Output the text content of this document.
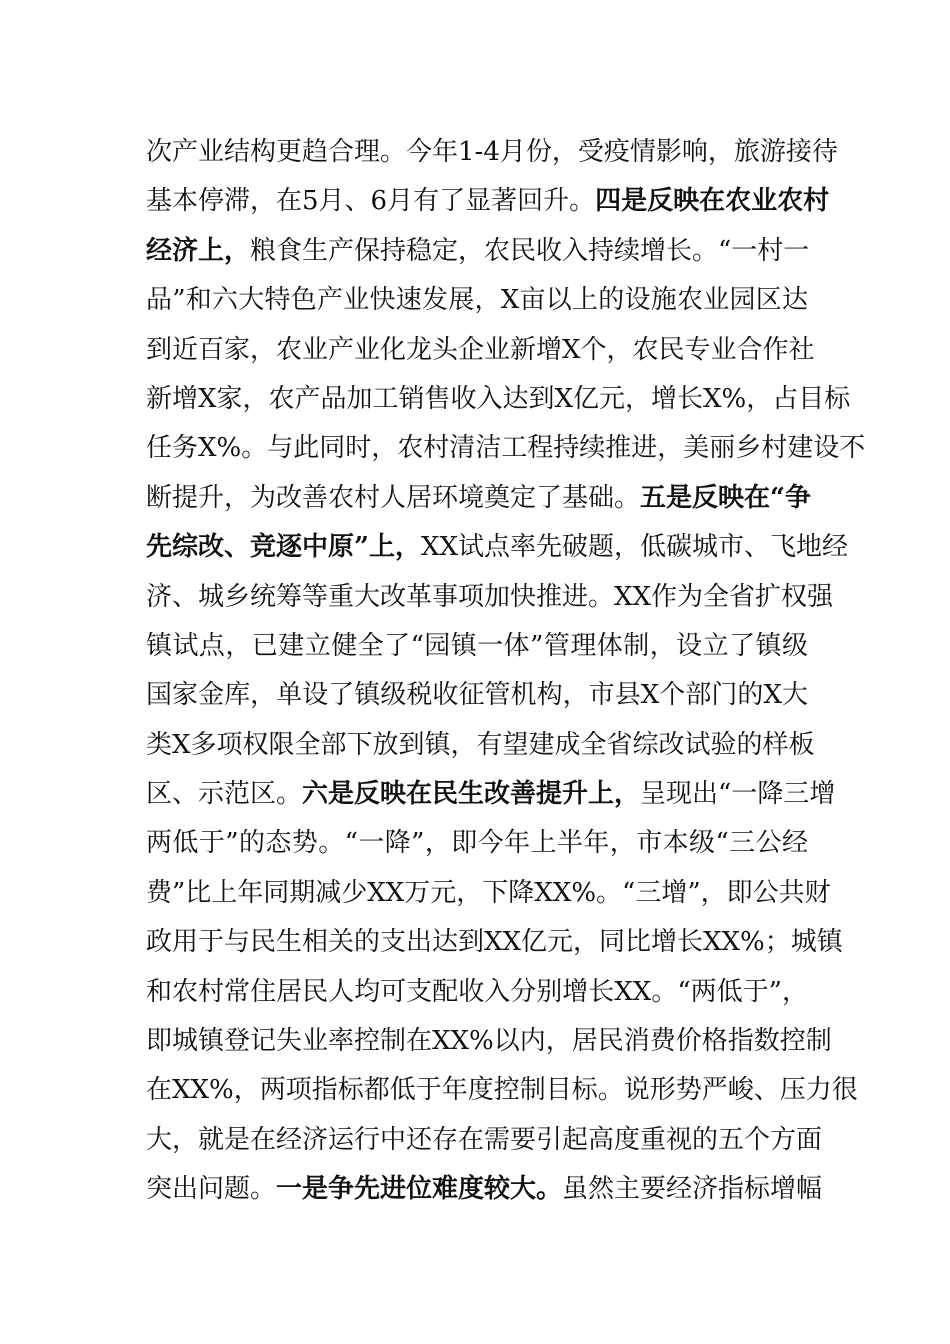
次产业结构更趋合理。今年1-4月份，受疫情影响，旅游接待
基本停滞，在5月、6月有了显著回升。四是反映在农业农村
经济上，粮食生产保持稳定，农民收入持续增长。“一村一
品”和六大特色产业快速发展，X亩以上的设施农业园区达
到近百家，农业产业化龙头企业新增X个，农民专业合作社
新增X家，农产品加工销售收入达到X亿元，增长X%，占目标
任务X%。与此同时，农村清洁工程持续推进，美丽乡村建设不
断提升，为改善农村人居环境奠定了基础。五是反映在“争
先综改、竞逐中原”上，XX试点率先破题，低碳城市、飞地经
济、城乡统筹等重大改革事项加快推进。XX作为全省扩权强
镇试点，已建立健全了“园镇一体”管理体制，设立了镇级
国家金库，单设了镇级税收征管机构，市县X个部门的X大
类X多项权限全部下放到镇，有望建成全省综改试验的样板
区、示范区。六是反映在民生改善提升上，呈现出“一降三增
两低于”的态势。“一降”，即今年上半年，市本级“三公经
费”比上年同期减少XX万元，下降XX%。“三增”，即公共财
政用于与民生相关的支出达到XX亿元，同比增长XX%；城镇
和农村常住居民人均可支配收入分别增长XX。“两低于”，
即城镇登记失业率控制在XX%以内，居民消费价格指数控制
在XX%，两项指标都低于年度控制目标。说形势严峻、压力很
大，就是在经济运行中还存在需要引起高度重视的五个方面
突出问题。一是争先进位难度较大。虽然主要经济指标增幅
